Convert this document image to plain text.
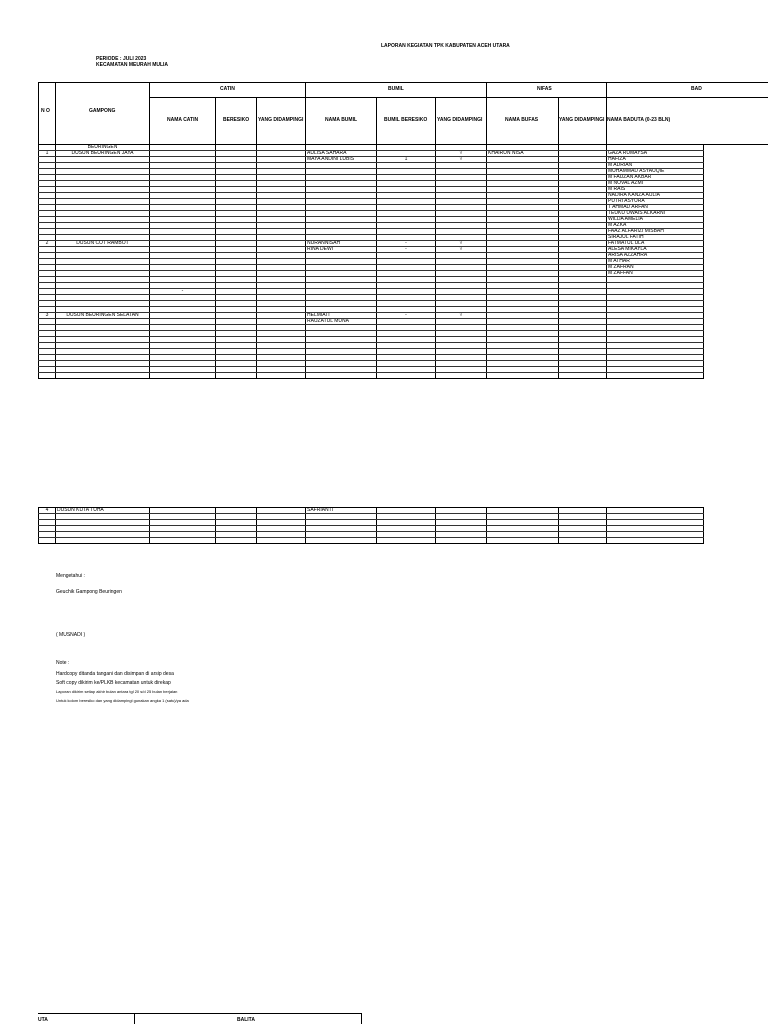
LAPORAN KEGIATAN TPK KABUPATEN ACEH UTARA
PERIODE : JULI 2023
KECAMATAN MEURAH MULIA
N O	GAMPONG
CATIN	BUMIL	NIFAS	BAD
NAMA CATIN	BERESIKO YANG DIDAMPINGI	NAMA BUMIL	BUMIL BERESIKO YANG DIDAMPINGI	NAMA BUFAS	YANG DIDAMPINGI NAMA BADUTA (0-23 BLN)
	BEURINGEN									
1	DUSUN BEURINGEN JAYA				AULISA SAHARA		√	KHAIRUN NISA		GAZA RUMAYSA
					MAYA ANDINI LUBIS	1	√			HAFIZA
										M ADRIAN
										MUHAMMAD ASYAUQIE
										M FAUZAN AKBAR
										M NOVAL AZMI
										M RAIS
										NADIRA KANZA AULIA
										PUTRI ASYURA
										T AHMAD ARFAN
										TEUKU UWAIS ALKARNI
										WILDA AMELIA
										M AZKA
										FAAZ ALFARIZI MISBAH
										SIRAJUL FATIH
2	DUSUN COT RAMBOT				NURANNISAH	-	√			FATMATUL ULA
					RINA DEWI	-	√			ALESA MIKAYLA
										ARISA AZZAHRA
										M ATHAR
										M ZAFRAN
										M ZAFFAN

		-								

3	DUSUN BEURINGEN SELATAN				HELMIATI	-	√			
					RAUZATUL MUNA					

4	DUSUN KUTA TUHA				SAFRIANTI					

Mengetahui :
Geuchik Gampong Beuringen
( MUSNADI )
Note :
Hardcopy ditanda tangani dan disimpan di arsip desa
Soft copy dikirim ke/PLKB kecamatan untuk direkap
Laporan dikirim setiap akhir bulan antara tgl 20 s/d 25 bulan berjalan
Untuk kolom beresiko dan yang didampingi gunakan angka 1 (satu)/ya ada
UTA	BALITA
